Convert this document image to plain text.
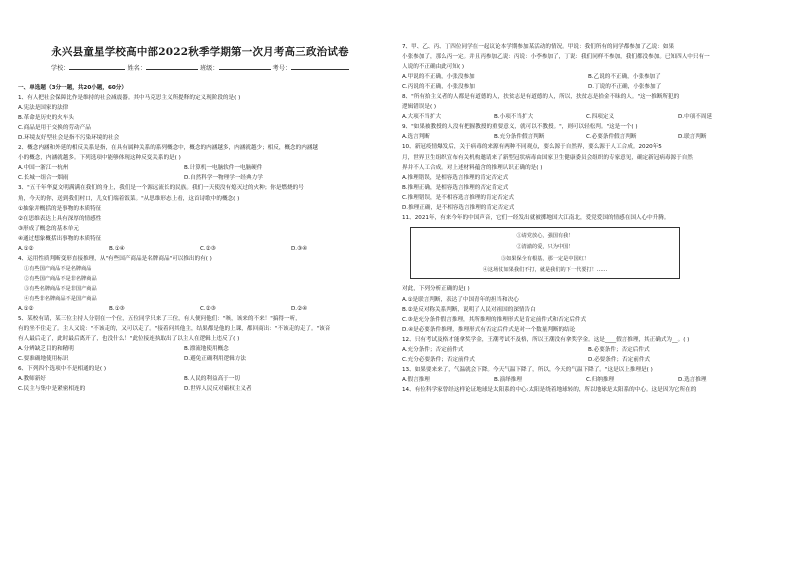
永兴县童星学校高中部2022秋季学期第一次月考高三政治试卷
学校：	姓名：	班级：	考号：
一、单选题（3分一题，共20小题，60分）
1、有人把社会保障比作是维持的社会减震器。其中马克思主义所提释的定义现阶段的是( )
A.宪法是国家的法律
B.革命是历史的火车头
C.商品是用于交换的劳动产品
D.环境友好型社会是指不污染环境的社会
2、概念内涵和外延的相反关系是指，在具有属种关系的系列概念中，概念的内涵越多，内涵就越少；相反，概念的内涵越
小的概念，内涵就越多。下列选项中能够体现这种反变关系的是( )
A.中国一浙江一杭州	B.计算机一电脑软件一电脑硬件
C.长城一组合一烟雨	D.自然科学一物理学一经典力学
3、"五千年华夏文明满满在我们的身上，我们是一个源远流长的民族。我们一天使没有熄灭过的火种；你是燃烧的号
角，今天的你，送到我们村口，儿女们端着饭菜。"从思维形态上看，这首诗歌中的概念( )
①抽象并概括的是事物的本质特征
②在思维表达上具有深厚的情感性
③形成了概念的基本单元
④通过想象概括出事物的本质特征
A.①②	B.①④	C.②③	D.③④
4、运用性质判断变形直接推理，从"有些国产商品是名牌商品"可以推出的有( )
①有些国产商品不是名牌商品
②有些国产商品不是非名牌商品
③有些名牌商品不是非国产商品
④有些非名牌商品不是国产商品
A.①②	B.①③	C.②③	D.②④
5、某校有请，某三位主持人分别在一个位，五位同学只来了三位，有人便问他们："咳，该来的不来！"搞得一听，
有的坐不住走了。主人又说："不该走的，又可以走了。"接着问其他主，结果都是他的上课，都回商出："不该走的走了。"该音
有人最后走了，此时最后离开了，也没什么！"此位接连执取出了以主人在逻辑上违反了( )
A.分辨缺乏目的和精明	B.漂流地使用概念
C.要准确地使用标识	D.避免正确利用逻辑方法
6、下列四个选项中不是相通的是( )
A.教师新好	B.人民的利益高于一切
C.民主与集中是紧密相连的	D.世界人民反对霸权主义者
7、甲、乙、丙、丁四位同学在一起议论本学期参加某活动的情况。甲说：我们所有的同学都参加了乙说：如果
小张参加了，那么丙一定。并且丙参加乙说：丙说：小李参加了，丁说：我们同样不参加，我们都没参加。已知四人中只有一
人说的不正确由此可知( )
A.甲说的不正确，小张没参加	B.乙说的不正确，小张参加了
C.丙说的不正确，小张没参加	D.丁说的不正确，小张参加了
8、"所有拾主义者的人都是有道德的人，扶贫志是有道德的人，所以，扶贫志是拾金不昧的人。"这一推断所犯的
逻辑错误是( )
A.大项不当扩大	B.小项不当扩大	C.四项定义	D.中项不周延
9、"如果被教授的人没有把握教授的重要意义，就可以不教授。"，则可以轻松判。"这是一个( )
A.选言判断	B.充分条件假言判断	C.必要条件假言判断	D.联言判断
10、新冠疫情爆发后，关于病毒的来源有两种不同观点，要么源于自然界，要么源于人工合成。2020年5
月，世界卫生组织宣布有关机构邀请来了新型冠状病毒由国家卫生健康委员会组织的专家意见，确定新冠病毒源于自然
界并不人工合成。对上述材料蕴含的推理认识正确的是( )
A.推理错误，是相容选言推理的肯定否定式
B.推理正确，是相容选言推理的否定肯定式
C.推理错误，是不相容选言推理的肯定否定式
D.推理正确，是不相容选言推理的肯定否定式
11、2021年，有来今年的中国声音，它们一经发出就被掷地国大江南北，爱党爱国的情感在国人心中升腾。
①请党放心，强国有我！
②清澈的爱，只为中国！
③如果保全有根基，那一定是中国红！
④这场仗如果我们不打，就是我们的下一代要打！……
对此，下列分析正确的是( )
A.①是联言判断，表达了中国青年的担当和决心
B.②是反对称关系判断，说明了人民对祖国的深情告白
C.③是充分条件假言推理，其所推理的推理形式是肯定前件式和否定后件式
D.④是必要条件推理，推理形式有否定后件式是对一个数量判断的结论
12、只有考试及格才能拿奖学金，王潮考试不及格，所以王潮没有拿奖学金。这是____假言推理，其正确式为__。( )
A.充分条件；否定前件式	B.必要条件；否定后件式
C.充分必要条件；否定前件式	D.必要条件；否定前件式
13、如果要来来了，气温就会下降。今天气温下降了，所以，今天的气温下降了。"这是以上推理是( )
A.假言推理	B.演绎推理	C.归纳推理	D.选言推理
14、有位科学家曾经这样论证地球是太阳系的中心:太阳是绕着地球转的，所以地球是太阳系的中心。这是因为它所在的
